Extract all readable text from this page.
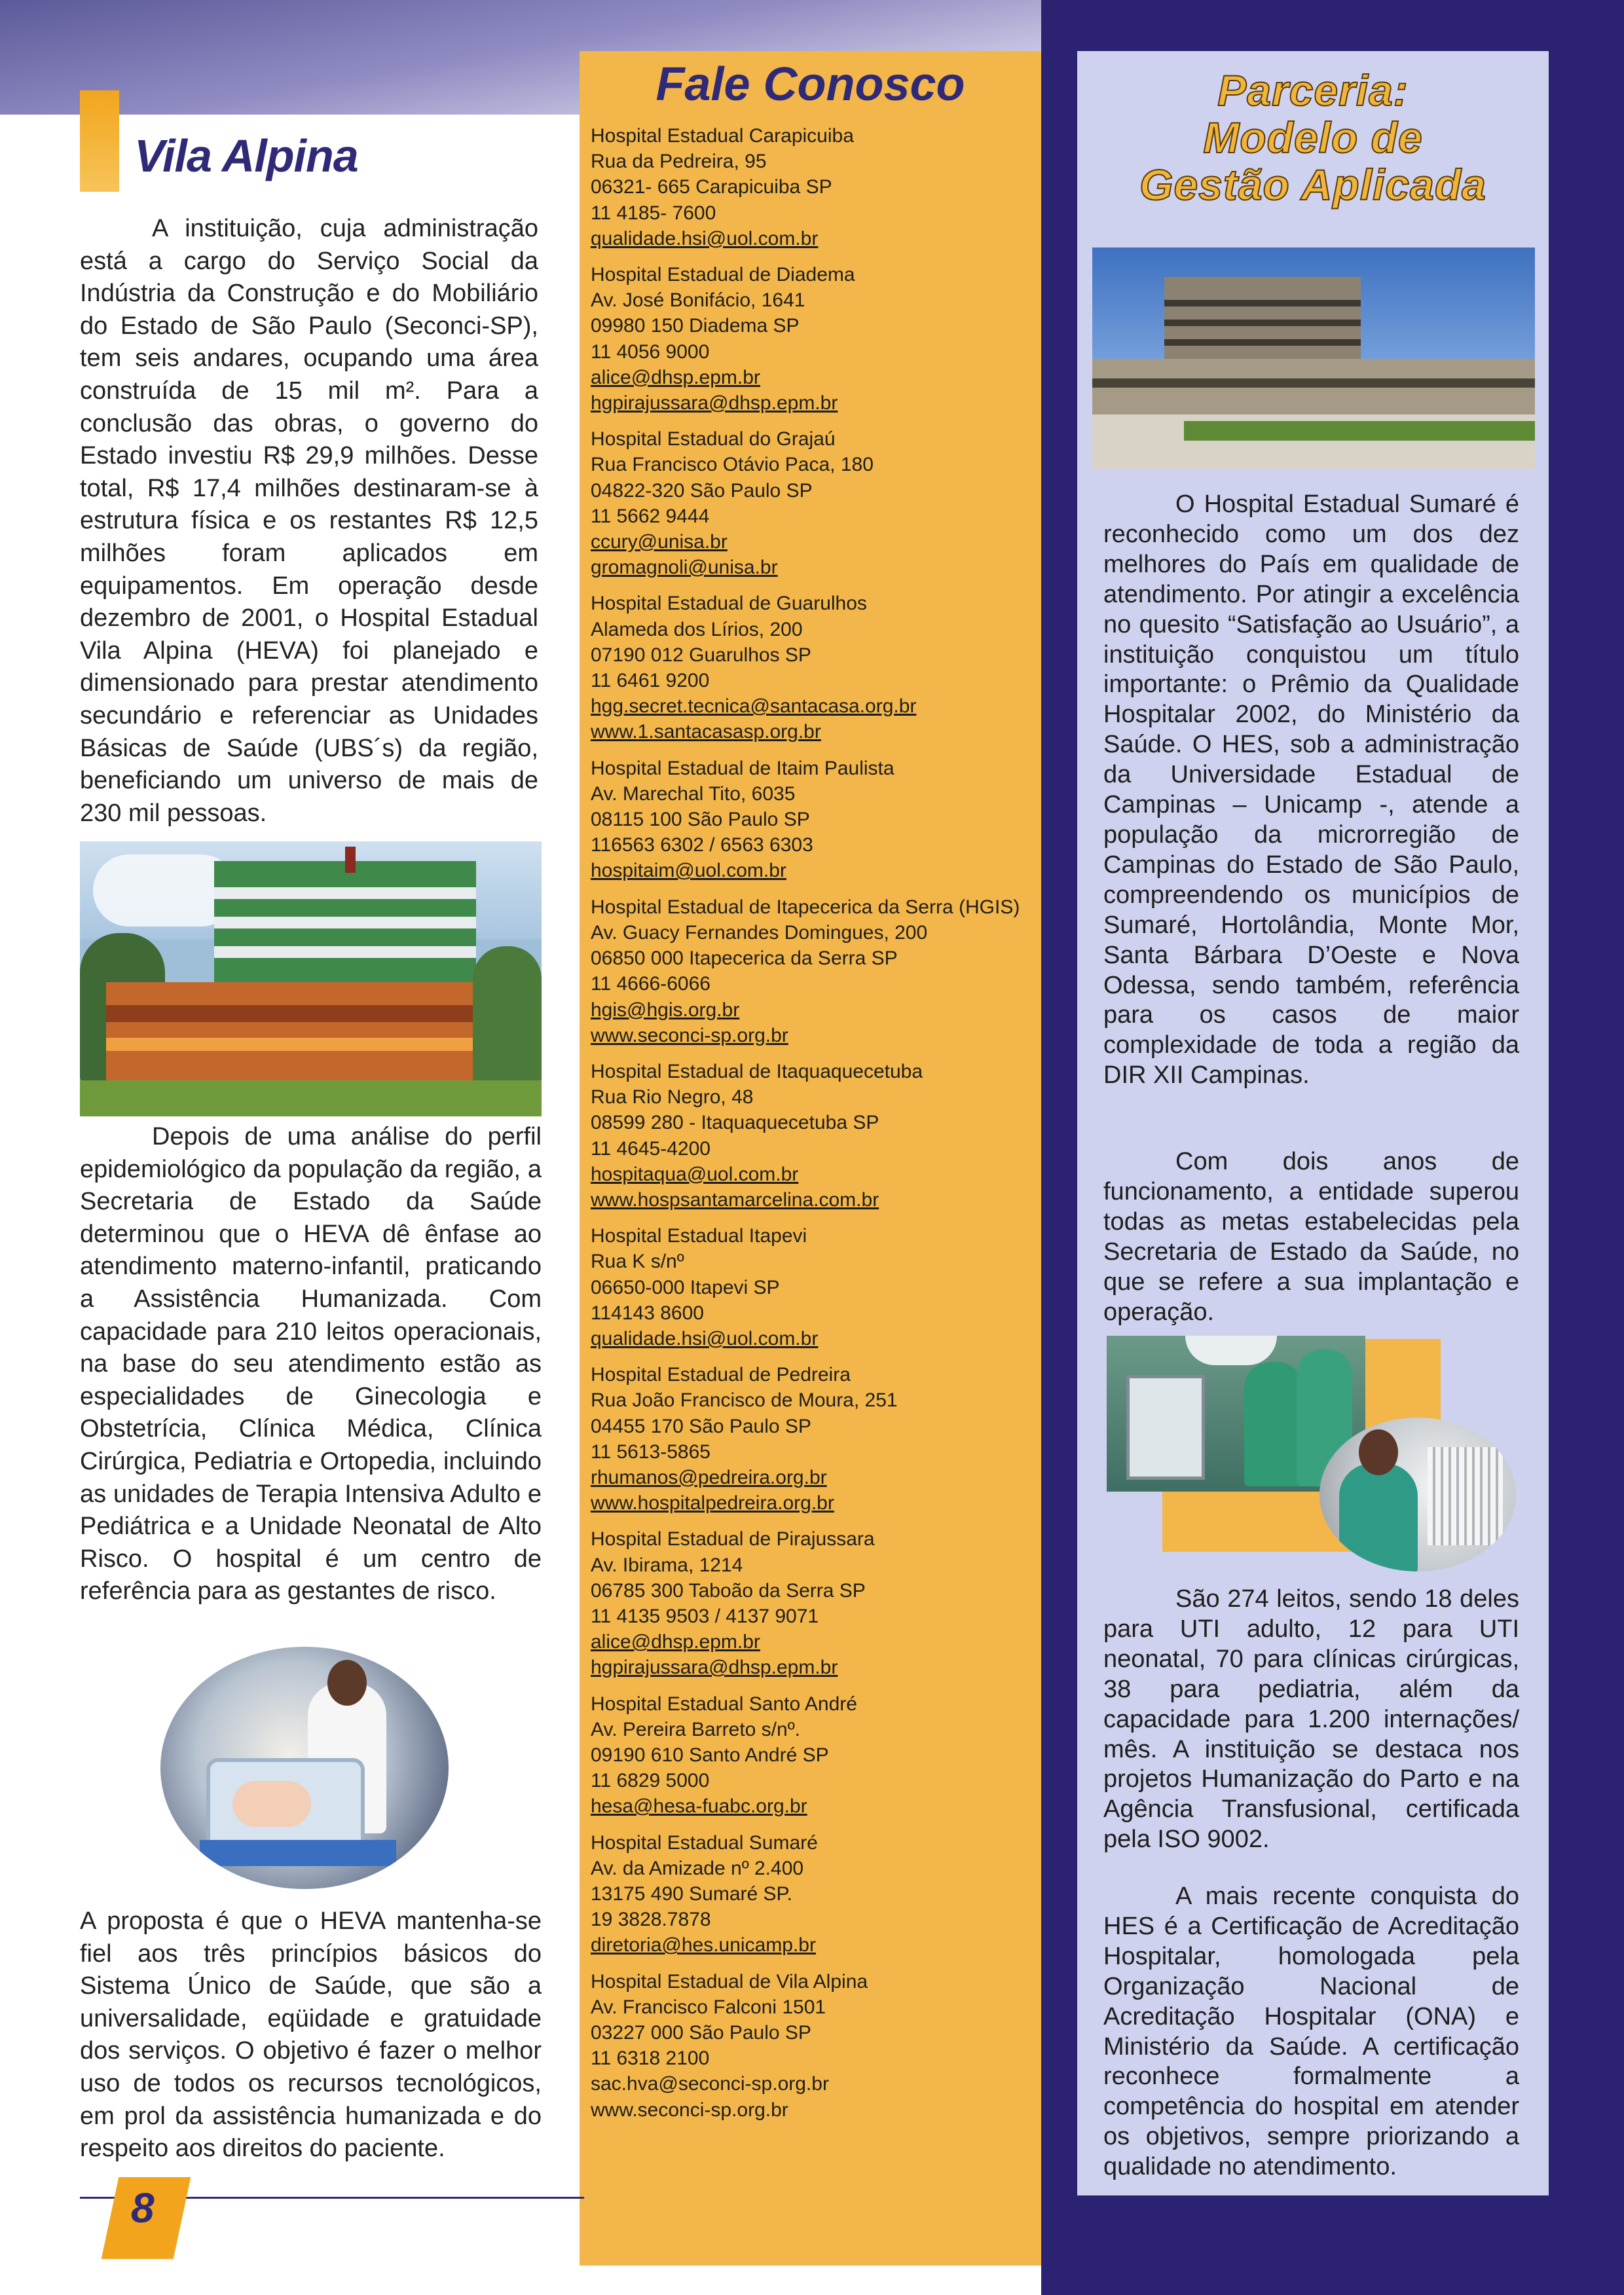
Vila Alpina

A instituição, cuja administração está a cargo do Serviço Social da Indústria da Construção e do Mobiliário do Estado de São Paulo (Seconci-SP), tem seis andares, ocupando uma área construída de 15 mil m². Para a conclusão das obras, o governo do Estado investiu R$ 29,9 milhões. Desse total, R$ 17,4 milhões destinaram-se à estrutura física e os restantes R$ 12,5 milhões foram aplicados em equipamentos. Em operação desde dezembro de 2001, o Hospital Estadual Vila Alpina (HEVA) foi planejado e dimensionado para prestar atendimento secundário e referenciar as Unidades Básicas de Saúde (UBS´s) da região, beneficiando um universo de mais de 230 mil pessoas.

Depois de uma análise do perfil epidemiológico da população da região, a Secretaria de Estado da Saúde determinou que o HEVA dê ênfase ao atendimento materno-infantil, praticando a Assistência Humanizada. Com capacidade para 210 leitos operacionais, na base do seu atendimento estão as especialidades de Ginecologia e Obstetrícia, Clínica Médica, Clínica Cirúrgica, Pediatria e Ortopedia, incluindo as unidades de Terapia Intensiva Adulto e Pediátrica e a Unidade Neonatal de Alto Risco. O hospital é um centro de referência para as gestantes de risco.

A proposta é que o HEVA mantenha-se fiel aos três princípios básicos do Sistema Único de Saúde, que são a universalidade, eqüidade e gratuidade dos serviços. O objetivo é fazer o melhor uso de todos os recursos tecnológicos, em prol da assistência humanizada e do respeito aos direitos do paciente.

8

Fale Conosco
Hospital Estadual Carapicuiba
Rua da Pedreira, 95
06321- 665 Carapicuiba SP
11 4185- 7600
qualidade.hsi@uol.com.br
Hospital Estadual de Diadema
Av. José Bonifácio, 1641
09980 150 Diadema SP
11 4056 9000
alice@dhsp.epm.br
hgpirajussara@dhsp.epm.br
Hospital Estadual do Grajaú
Rua Francisco Otávio Paca, 180
04822-320 São Paulo SP
11 5662 9444
ccury@unisa.br
gromagnoli@unisa.br
Hospital Estadual de Guarulhos
Alameda dos Lírios, 200
07190 012 Guarulhos SP
11 6461 9200
hgg.secret.tecnica@santacasa.org.br
www.1.santacasasp.org.br
Hospital Estadual de Itaim Paulista
Av. Marechal Tito, 6035
08115 100 São Paulo SP
116563 6302 / 6563 6303
hospitaim@uol.com.br
Hospital Estadual de Itapecerica da Serra (HGIS)
Av. Guacy Fernandes Domingues, 200
06850 000 Itapecerica da Serra SP
11 4666-6066
hgis@hgis.org.br
www.seconci-sp.org.br
Hospital Estadual de Itaquaquecetuba
Rua Rio Negro, 48
08599 280 - Itaquaquecetuba SP
11 4645-4200
hospitaqua@uol.com.br
www.hospsantamarcelina.com.br
Hospital Estadual Itapevi
Rua K s/nº
06650-000 Itapevi SP
114143 8600
qualidade.hsi@uol.com.br
Hospital Estadual de Pedreira
Rua João Francisco de Moura, 251
04455 170 São Paulo SP
11 5613-5865
rhumanos@pedreira.org.br
www.hospitalpedreira.org.br
Hospital Estadual de Pirajussara
Av. Ibirama, 1214
06785 300 Taboão da Serra SP
11 4135 9503 / 4137 9071
alice@dhsp.epm.br
hgpirajussara@dhsp.epm.br
Hospital Estadual Santo André
Av. Pereira Barreto s/nº.
09190 610 Santo André SP
11 6829 5000
hesa@hesa-fuabc.org.br
Hospital Estadual Sumaré
Av. da Amizade nº 2.400
13175 490 Sumaré SP.
19 3828.7878
diretoria@hes.unicamp.br
Hospital Estadual de Vila Alpina
Av. Francisco Falconi 1501
03227 000 São Paulo SP
11 6318 2100
sac.hva@seconci-sp.org.br
www.seconci-sp.org.br
Parceria:
Modelo de
Gestão Aplicada

O Hospital Estadual Sumaré é reconhecido como um dos dez melhores do País em qualidade de atendimento. Por atingir a excelência no quesito “Satisfação ao Usuário”, a instituição conquistou um título importante: o Prêmio da Qualidade Hospitalar 2002, do Ministério da Saúde. O HES, sob a administração da Universidade Estadual de Campinas – Unicamp -, atende a população da microrregião de Campinas do Estado de São Paulo, compreendendo os municípios de Sumaré, Hortolândia, Monte Mor, Santa Bárbara D’Oeste e Nova Odessa, sendo também, referência para os casos de maior complexidade de toda a região da DIR XII Campinas.

Com dois anos de funcionamento, a entidade superou todas as metas estabelecidas pela Secretaria de Estado da Saúde, no que se refere a sua implantação e operação.

São 274 leitos, sendo 18 deles para UTI adulto, 12 para UTI neonatal, 70 para clínicas cirúrgicas, 38 para pediatria, além da capacidade para 1.200 internações/ mês. A instituição se destaca nos projetos Humanização do Parto e na Agência Transfusional, certificada pela ISO 9002.

A mais recente conquista do HES é a Certificação de Acreditação Hospitalar, homologada pela Organização Nacional de Acreditação Hospitalar (ONA) e Ministério da Saúde. A certificação reconhece formalmente a competência do hospital em atender os objetivos, sempre priorizando a qualidade no atendimento.
